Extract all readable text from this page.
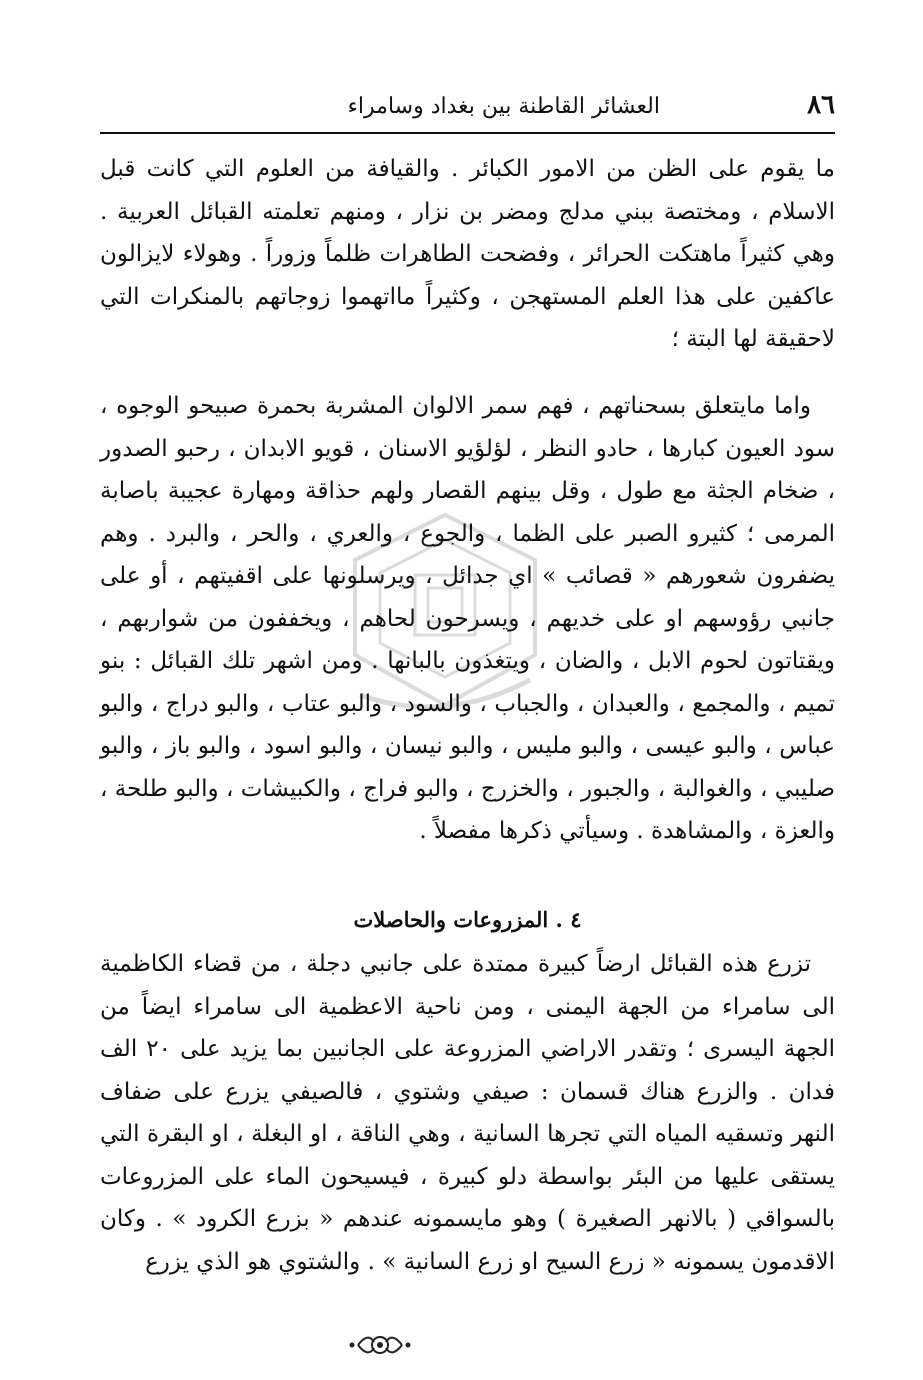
٨٦
العشائر القاطنة بين بغداد وسامراء
ما يقوم على الظن من الامور الكبائر . والقيافة من العلوم التي كانت قبل الاسلام ، ومختصة ببني مدلج ومضر بن نزار ، ومنهم تعلمته القبائل العربية . وهي كثيراً ماهتكت الحرائر ، وفضحت الطاهرات ظلماً وزوراً . وهولاء لايزالون عاكفين على هذا العلم المستهجن ، وكثيراً مااتهموا زوجاتهم بالمنكرات التي لاحقيقة لها البتة ؛
واما مايتعلق بسحناتهم ، فهم سمر الالوان المشربة بحمرة صبيحو الوجوه ، سود العيون كبارها ، حادو النظر ، لؤلؤيو الاسنان ، قويو الابدان ، رحبو الصدور ، ضخام الجثة مع طول ، وقل بينهم القصار ولهم حذاقة ومهارة عجيبة باصابة المرمى ؛ كثيرو الصبر على الظما ، والجوع ، والعري ، والحر ، والبرد . وهم يضفرون شعورهم « قصائب » اي جدائل ، ويرسلونها على اقفيتهم ، أو على جانبي رؤوسهم او على خديهم ، ويسرحون لحاهم ، ويخففون من شواربهم ، ويقتاتون لحوم الابل ، والضان ، ويتغذون بالبانها . ومن اشهر تلك القبائل : بنو تميم ، والمجمع ، والعبدان ، والجباب ، والسود ، والبو عتاب ، والبو دراج ، والبو عباس ، والبو عيسى ، والبو مليس ، والبو نيسان ، والبو اسود ، والبو باز ، والبو صليبي ، والغوالبة ، والجبور ، والخزرج ، والبو فراج ، والكبيشات ، والبو طلحة ، والعزة ، والمشاهدة . وسيأتي ذكرها مفصلاً .
٤ . المزروعات والحاصلات
تزرع هذه القبائل ارضاً كبيرة ممتدة على جانبي دجلة ، من قضاء الكاظمية الى سامراء من الجهة اليمنى ، ومن ناحية الاعظمية الى سامراء ايضاً من الجهة اليسرى ؛ وتقدر الاراضي المزروعة على الجانبين بما يزيد على ٢٠ الف فدان . والزرع هناك قسمان : صيفي وشتوي ، فالصيفي يزرع على ضفاف النهر وتسقيه المياه التي تجرها السانية ، وهي الناقة ، او البغلة ، او البقرة التي يستقى عليها من البئر بواسطة دلو كبيرة ، فيسيحون الماء على المزروعات بالسواقي ( بالانهر الصغيرة ) وهو مايسمونه عندهم « بزرع الكرود » . وكان الاقدمون يسمونه « زرع السيح او زرع السانية » . والشتوي هو الذي يزرع
